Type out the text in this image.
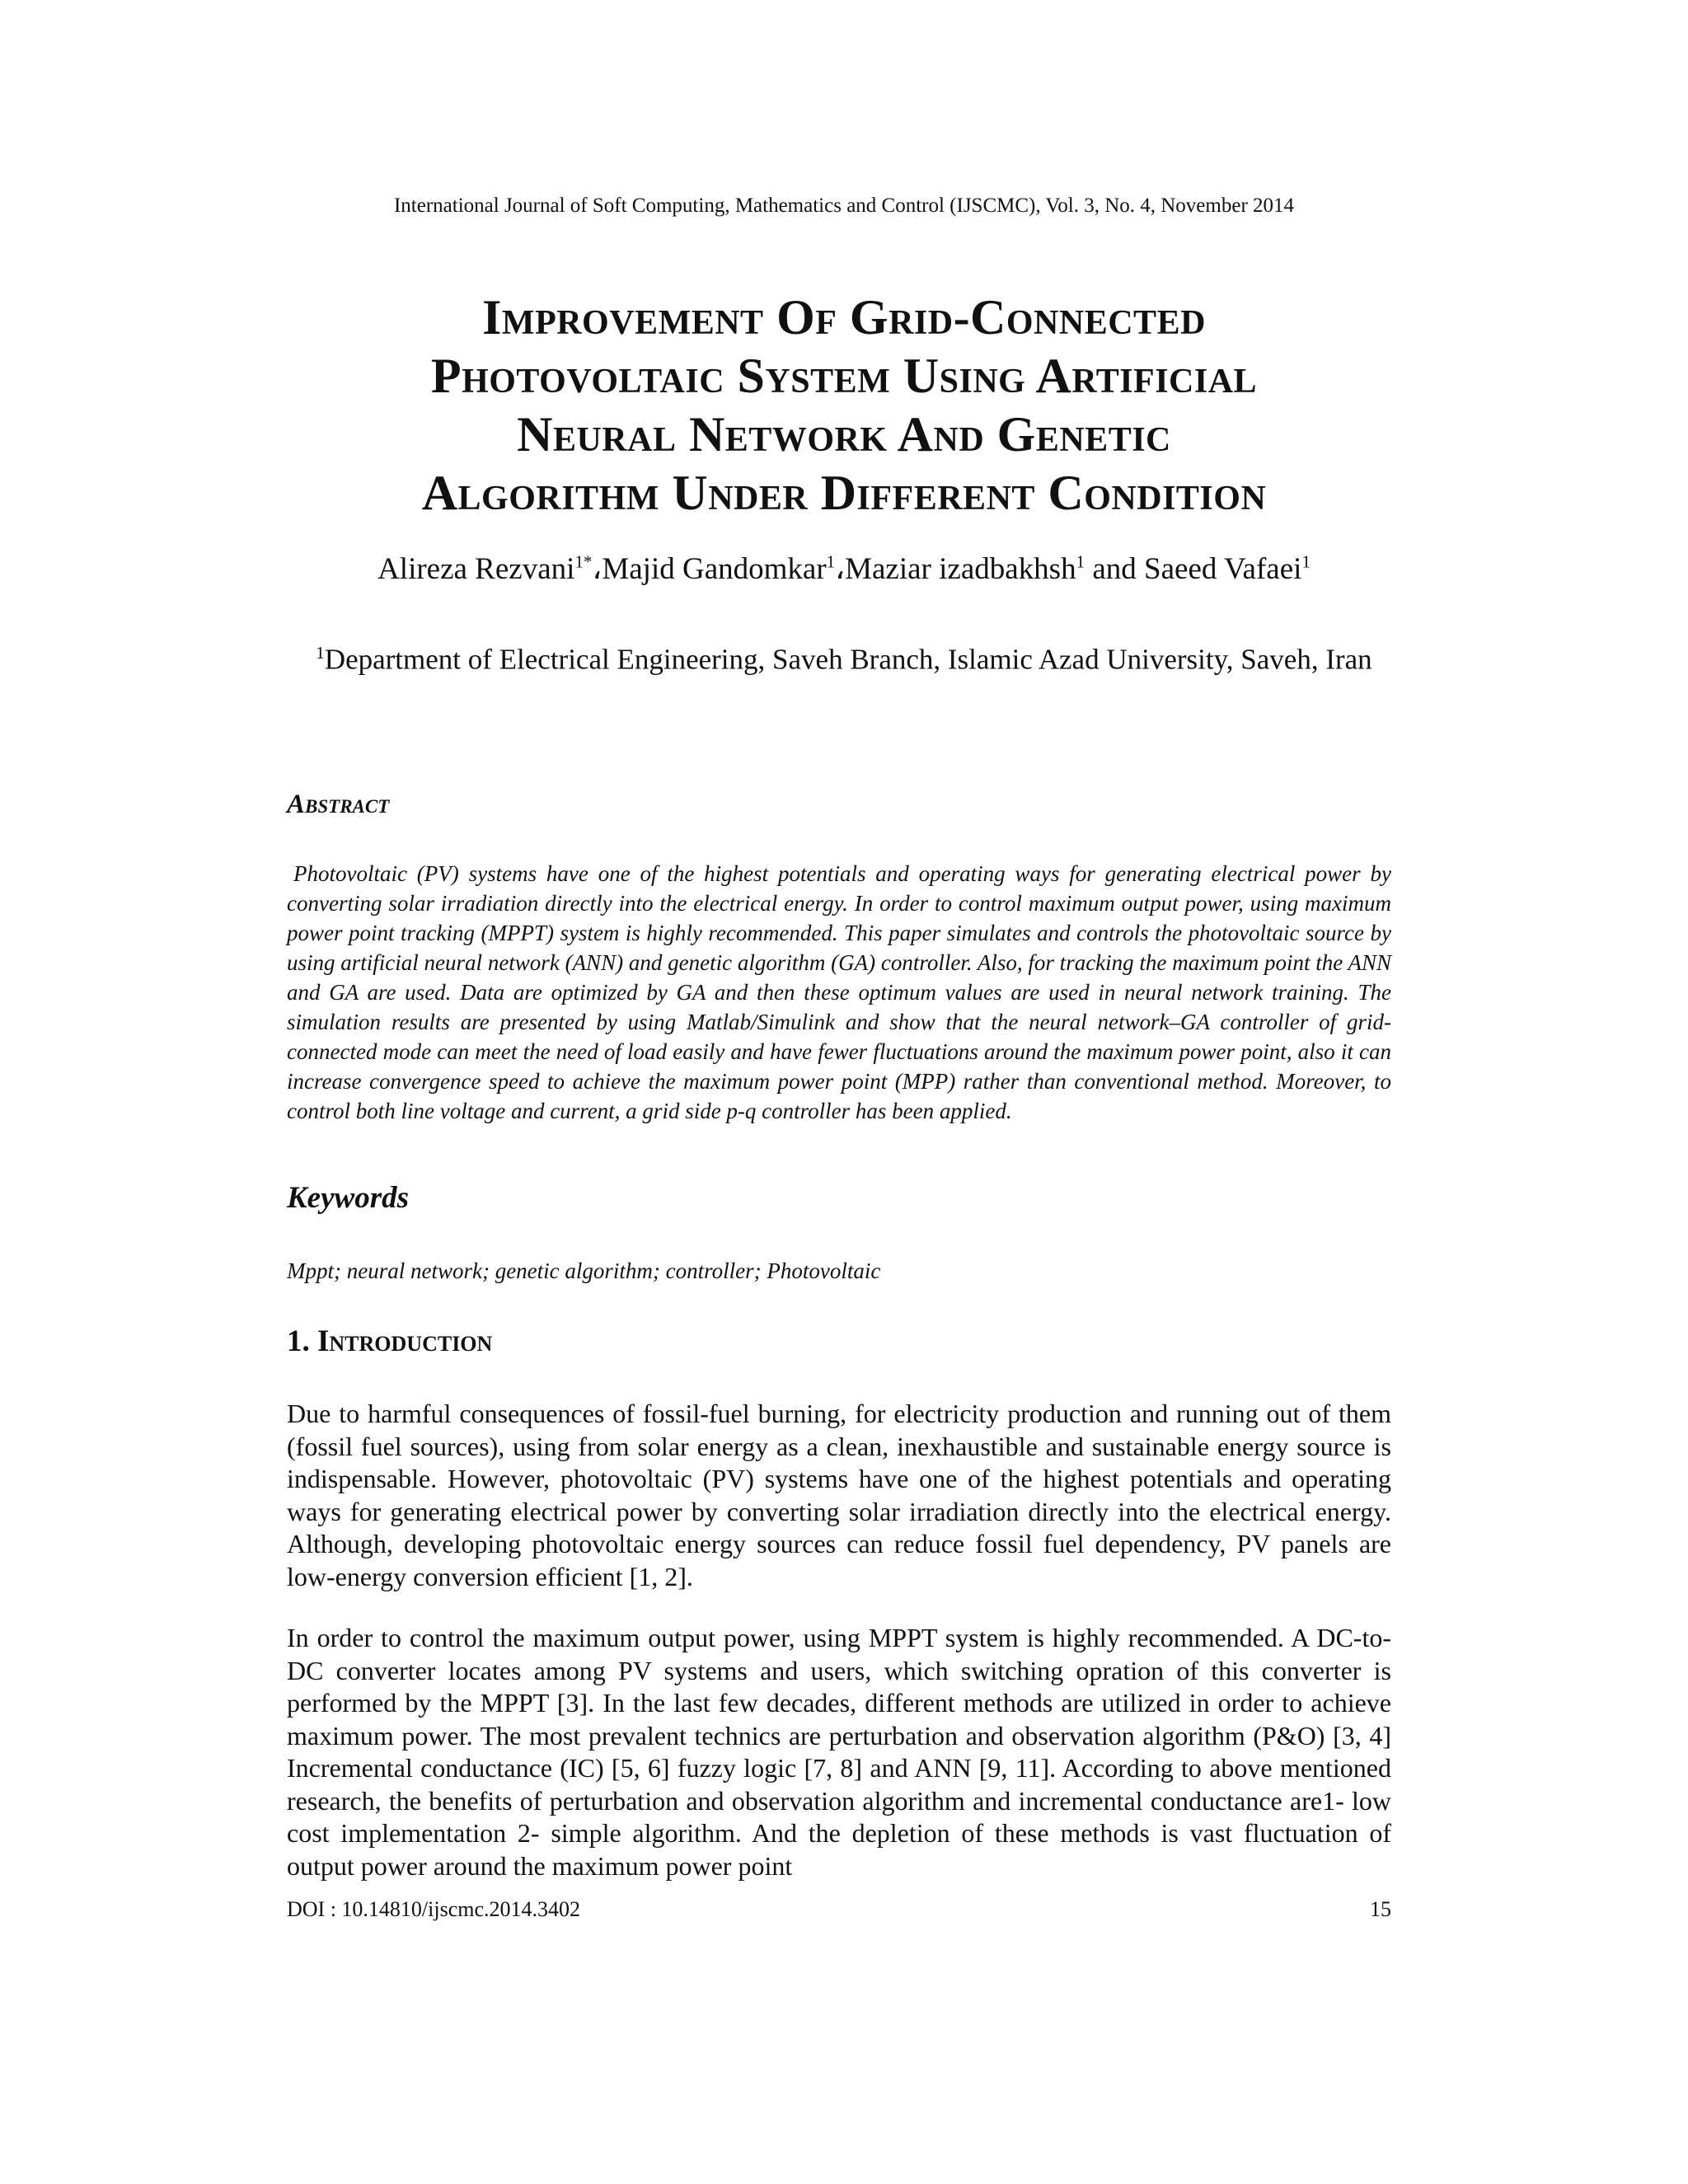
International Journal of Soft Computing, Mathematics and Control (IJSCMC), Vol. 3, No. 4, November 2014
Improvement Of Grid-Connected
Photovoltaic System Using Artificial
Neural Network And Genetic
Algorithm Under Different Condition
Alireza Rezvani$^{1*}$،Majid Gandomkar$^1$،Maziar izadbakhsh$^1$ and Saeed Vafaei$^1$
$^1$Department of Electrical Engineering, Saveh Branch, Islamic Azad University, Saveh, Iran
Abstract
Photovoltaic (PV) systems have one of the highest potentials and operating ways for generating electrical power by converting solar irradiation directly into the electrical energy. In order to control maximum output power, using maximum power point tracking (MPPT) system is highly recommended. This paper simulates and controls the photovoltaic source by using artificial neural network (ANN) and genetic algorithm (GA) controller. Also, for tracking the maximum point the ANN and GA are used. Data are optimized by GA and then these optimum values are used in neural network training. The simulation results are presented by using Matlab/Simulink and show that the neural network–GA controller of grid-connected mode can meet the need of load easily and have fewer fluctuations around the maximum power point, also it can increase convergence speed to achieve the maximum power point (MPP) rather than conventional method. Moreover, to control both line voltage and current, a grid side p-q controller has been applied.
Keywords
Mppt; neural network; genetic algorithm; controller; Photovoltaic
1. Introduction
Due to harmful consequences of fossil-fuel burning, for electricity production and running out of them (fossil fuel sources), using from solar energy as a clean, inexhaustible and sustainable energy source is indispensable. However, photovoltaic (PV) systems have one of the highest potentials and operating ways for generating electrical power by converting solar irradiation directly into the electrical energy. Although, developing photovoltaic energy sources can reduce fossil fuel dependency, PV panels are low-energy conversion efficient [1, 2].
In order to control the maximum output power, using MPPT system is highly recommended. A DC-to-DC converter locates among PV systems and users, which switching opration of this converter is performed by the MPPT [3]. In the last few decades, different methods are utilized in order to achieve maximum power. The most prevalent technics are perturbation and observation algorithm (P&O) [3, 4] Incremental conductance (IC) [5, 6] fuzzy logic [7, 8] and ANN [9, 11]. According to above mentioned research, the benefits of perturbation and observation algorithm and incremental conductance are1- low cost implementation 2- simple algorithm. And the depletion of these methods is vast fluctuation of output power around the maximum power point
DOI : 10.14810/ijscmc.2014.3402	15
